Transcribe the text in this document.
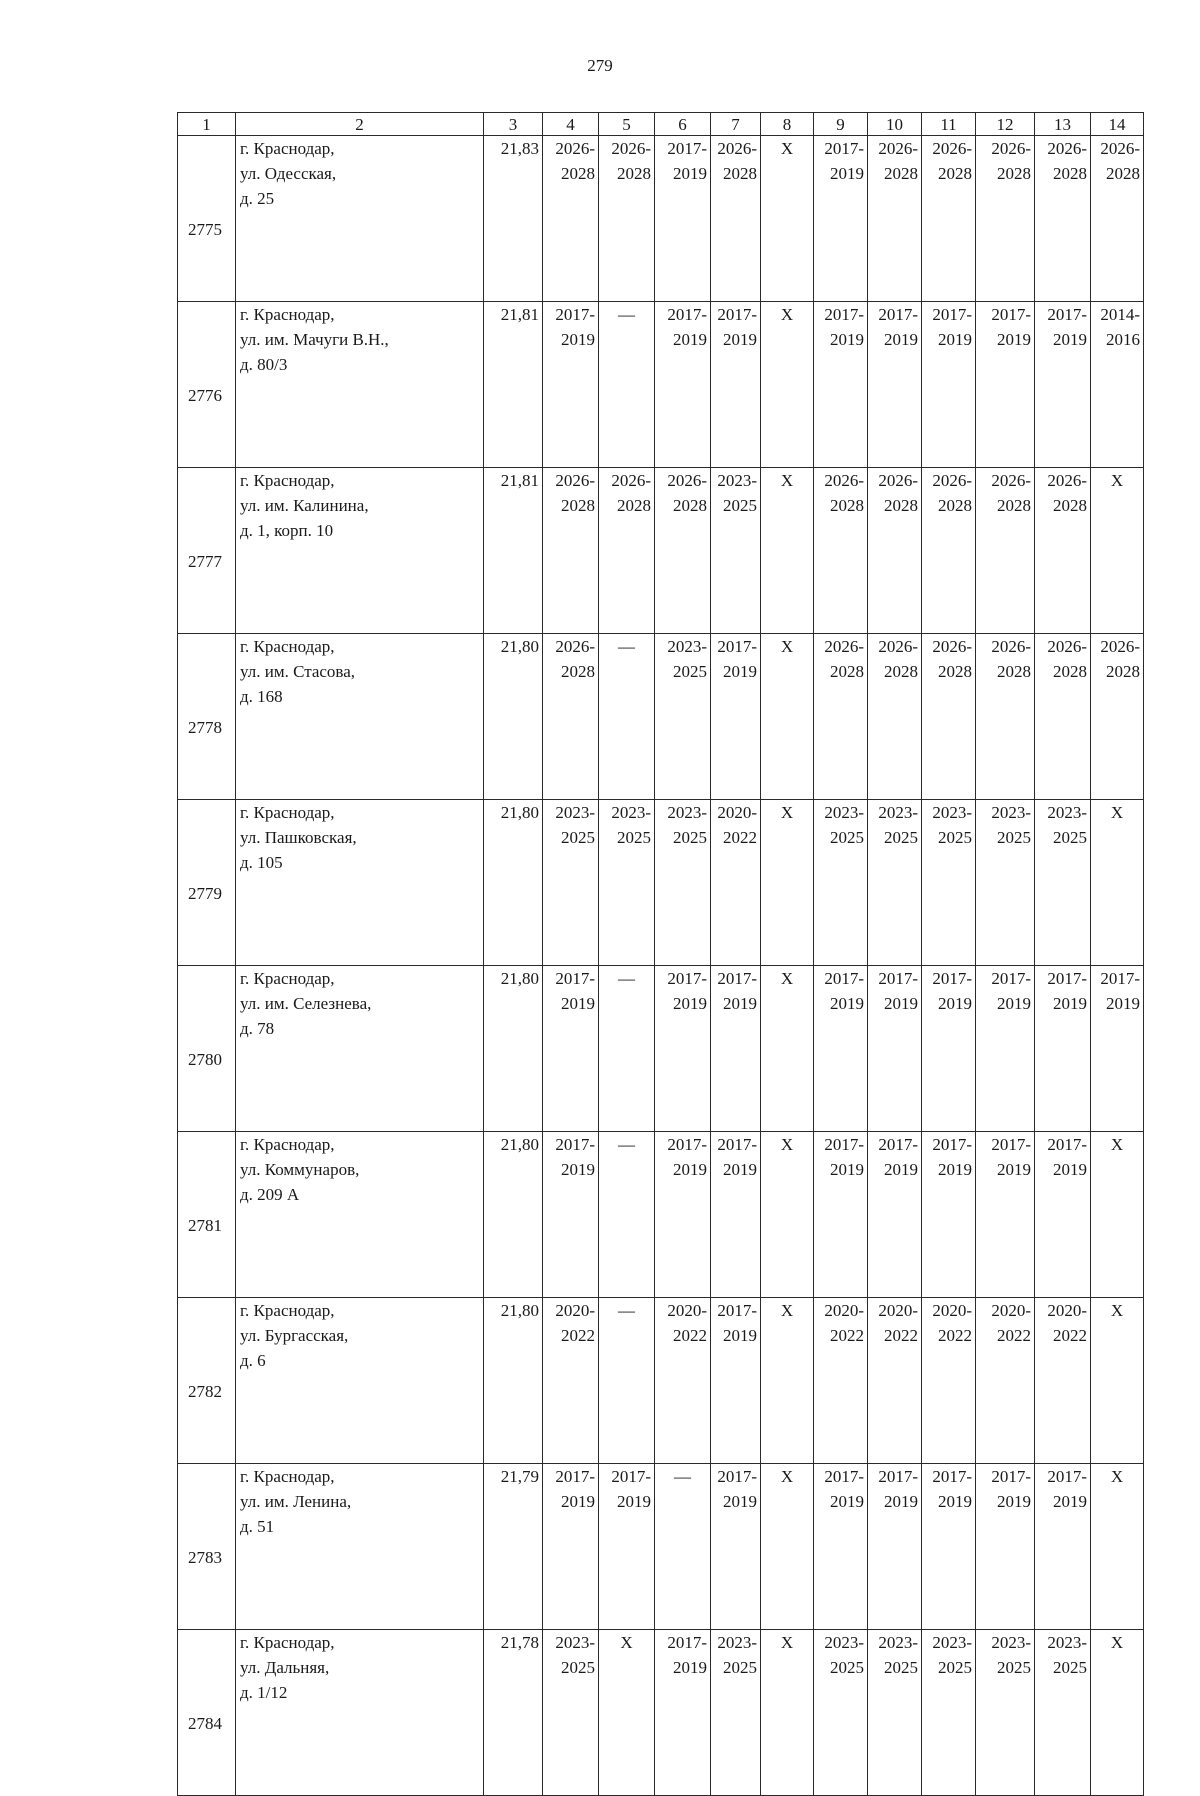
279
1	2	3	4	5	6	7	8	9	10	11	12	13	14
2775	г. Краснодар,
ул. Одесская,
д. 25	21,83	2026-
2028	2026-
2028	2017-
2019	2026-
2028	X	2017-
2019	2026-
2028	2026-
2028	2026-
2028	2026-
2028	2026-
2028

2776	г. Краснодар,
ул. им. Мачуги В.Н.,
д. 80/3	21,81	2017-
2019	—	2017-
2019	2017-
2019	X	2017-
2019	2017-
2019	2017-
2019	2017-
2019	2017-
2019	2014-
2016

2777	г. Краснодар,
ул. им. Калинина,
д. 1, корп. 10	21,81	2026-
2028	2026-
2028	2026-
2028	2023-
2025	X	2026-
2028	2026-
2028	2026-
2028	2026-
2028	2026-
2028	X

2778	г. Краснодар,
ул. им. Стасова,
д. 168	21,80	2026-
2028	—	2023-
2025	2017-
2019	X	2026-
2028	2026-
2028	2026-
2028	2026-
2028	2026-
2028	2026-
2028

2779	г. Краснодар,
ул. Пашковская,
д. 105	21,80	2023-
2025	2023-
2025	2023-
2025	2020-
2022	X	2023-
2025	2023-
2025	2023-
2025	2023-
2025	2023-
2025	X

2780	г. Краснодар,
ул. им. Селезнева,
д. 78	21,80	2017-
2019	—	2017-
2019	2017-
2019	X	2017-
2019	2017-
2019	2017-
2019	2017-
2019	2017-
2019	2017-
2019

2781	г. Краснодар,
ул. Коммунаров,
д. 209 А	21,80	2017-
2019	—	2017-
2019	2017-
2019	X	2017-
2019	2017-
2019	2017-
2019	2017-
2019	2017-
2019	X

2782	г. Краснодар,
ул. Бургасская,
д. 6	21,80	2020-
2022	—	2020-
2022	2017-
2019	X	2020-
2022	2020-
2022	2020-
2022	2020-
2022	2020-
2022	X

2783	г. Краснодар,
ул. им. Ленина,
д. 51	21,79	2017-
2019	2017-
2019	—	2017-
2019	X	2017-
2019	2017-
2019	2017-
2019	2017-
2019	2017-
2019	X

2784	г. Краснодар,
ул. Дальняя,
д. 1/12	21,78	2023-
2025	X	2017-
2019	2023-
2025	X	2023-
2025	2023-
2025	2023-
2025	2023-
2025	2023-
2025	X
